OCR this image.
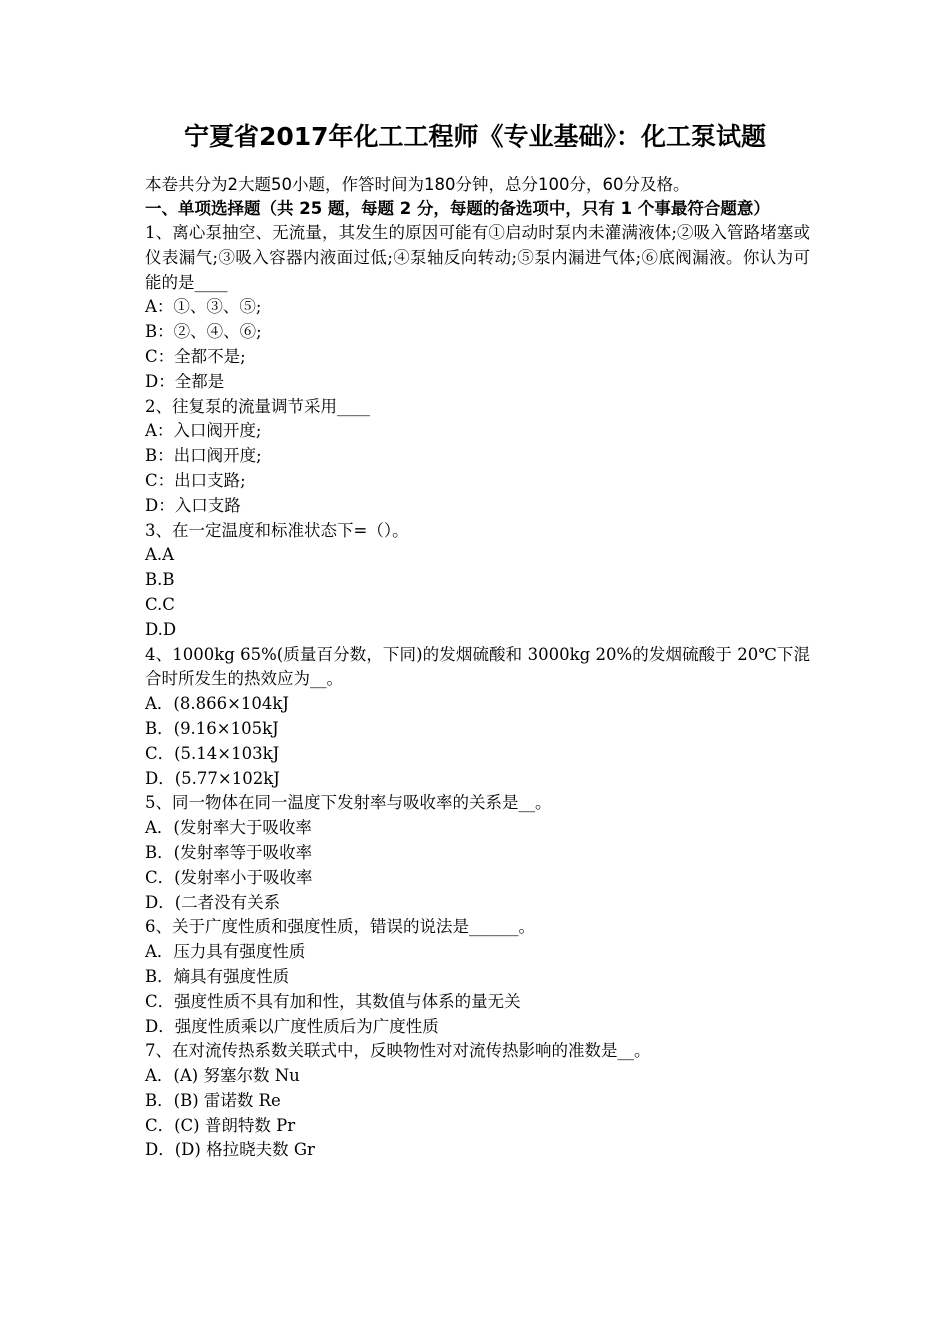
宁夏省2017年化工工程师《专业基础》：化工泵试题
本卷共分为2大题50小题，作答时间为180分钟，总分100分，60分及格。
一、单项选择题（共 25 题，每题 2 分，每题的备选项中，只有 1 个事最符合题意）
1、离心泵抽空、无流量，其发生的原因可能有①启动时泵内未灌满液体;②吸入管路堵塞或仪表漏气;③吸入容器内液面过低;④泵轴反向转动;⑤泵内漏进气体;⑥底阀漏液。你认为可能的是____
A：①、③、⑤;
B：②、④、⑥;
C：全都不是;
D：全都是
2、往复泵的流量调节采用____
A：入口阀开度;
B：出口阀开度;
C：出口支路;
D：入口支路
3、在一定温度和标准状态下=（）。
A.A
B.B
C.C
D.D
4、1000kg 65%(质量百分数，下同)的发烟硫酸和 3000kg 20%的发烟硫酸于 20℃下混合时所发生的热效应为__。
A．(8.866×104kJ
B．(9.16×105kJ
C．(5.14×103kJ
D．(5.77×102kJ
5、同一物体在同一温度下发射率与吸收率的关系是__。
A．(发射率大于吸收率
B．(发射率等于吸收率
C．(发射率小于吸收率
D．(二者没有关系
6、关于广度性质和强度性质，错误的说法是______。
A．压力具有强度性质
B．熵具有强度性质
C．强度性质不具有加和性，其数值与体系的量无关
D．强度性质乘以广度性质后为广度性质
7、在对流传热系数关联式中，反映物性对对流传热影响的准数是__。
A．(A) 努塞尔数 Nu
B．(B) 雷诺数 Re
C．(C) 普朗特数 Pr
D．(D) 格拉晓夫数 Gr
